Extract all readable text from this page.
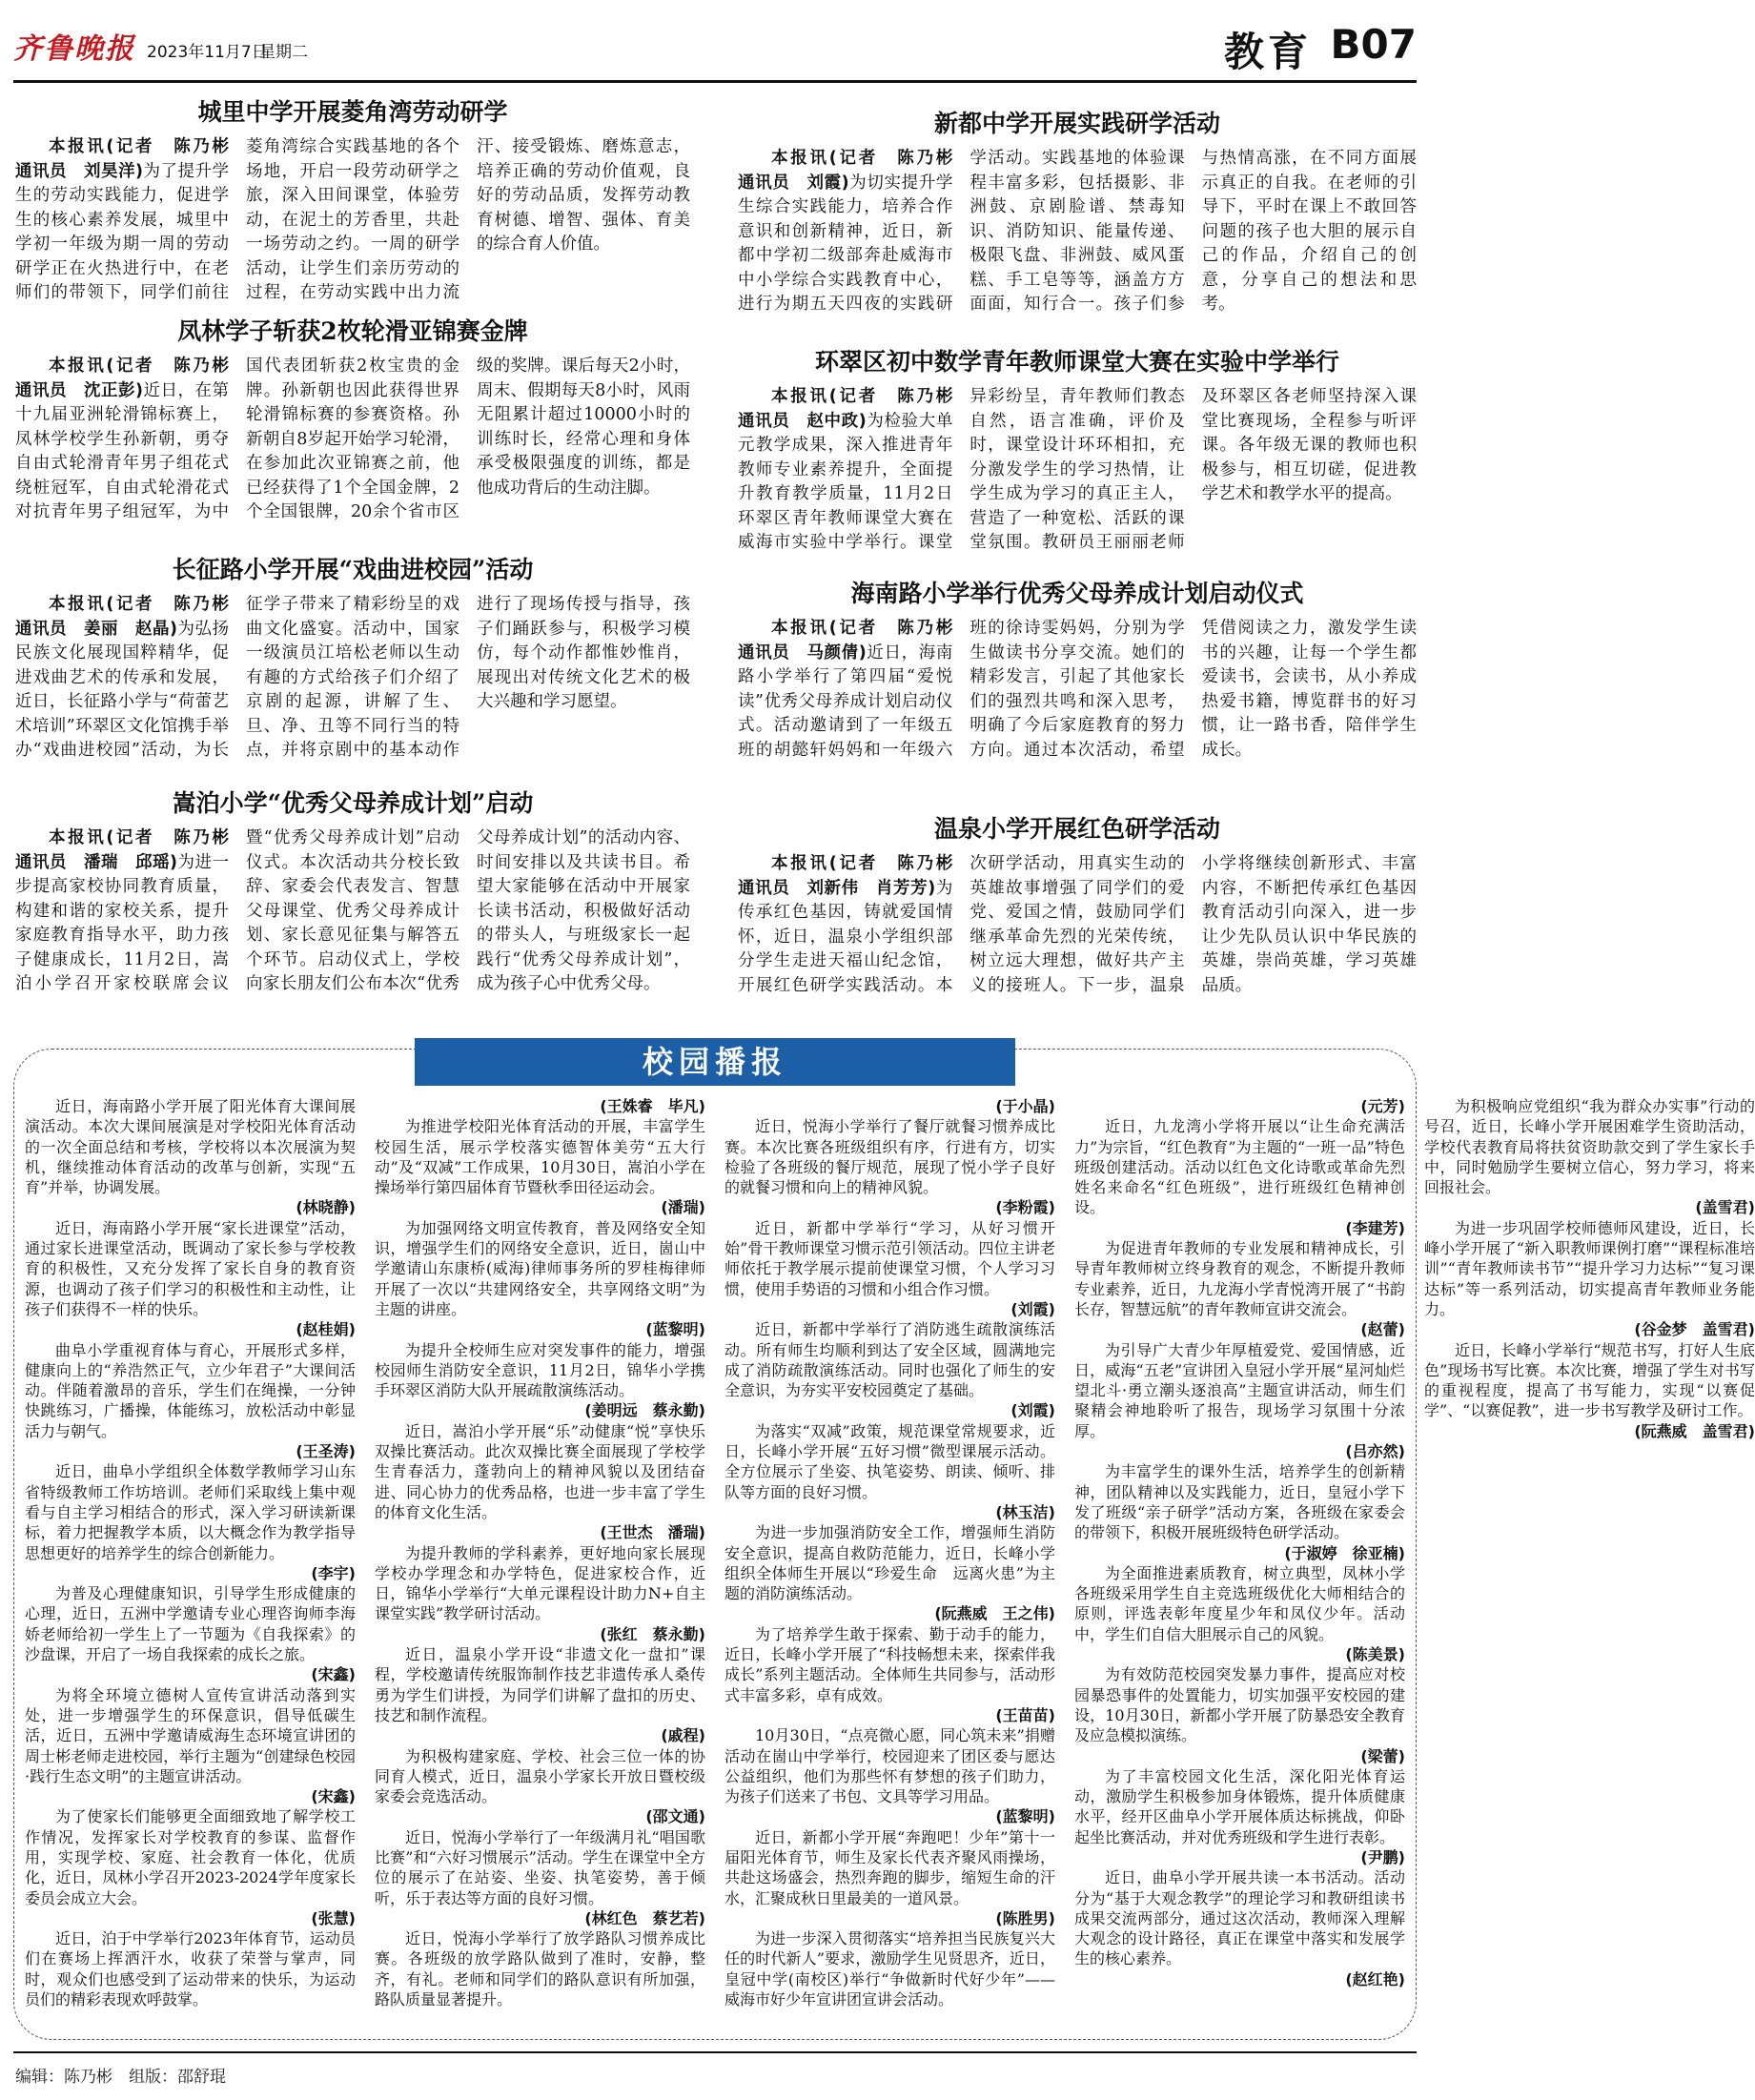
齐鲁晚报 2023年11月7日
星期二	教育 B07
城里中学开展菱角湾劳动研学
本报讯(记者　陈乃彬　通讯员　刘昊洋)为了提升学生的劳动实践能力，促进学生的核心素养发展，城里中学初一年级为期一周的劳动研学正在火热进行中，在老师们的带领下，同学们前往菱角湾综合实践基地的各个场地，开启一段劳动研学之旅，深入田间课堂，体验劳动，在泥土的芳香里，共赴一场劳动之约。一周的研学活动，让学生们亲历劳动的过程，在劳动实践中出力流汗、接受锻炼、磨炼意志，培养正确的劳动价值观，良好的劳动品质，发挥劳动教育树德、增智、强体、育美的综合育人价值。
凤林学子斩获2枚轮滑亚锦赛金牌
本报讯(记者　陈乃彬　通讯员　沈正彭)近日，在第十九届亚洲轮滑锦标赛上，凤林学校学生孙新朝，勇夺自由式轮滑青年男子组花式绕桩冠军，自由式轮滑花式对抗青年男子组冠军，为中国代表团斩获2枚宝贵的金牌。孙新朝也因此获得世界轮滑锦标赛的参赛资格。孙新朝自8岁起开始学习轮滑，在参加此次亚锦赛之前，他已经获得了1个全国金牌，2个全国银牌，20余个省市区级的奖牌。课后每天2小时，周末、假期每天8小时，风雨无阻累计超过10000小时的训练时长，经常心理和身体承受极限强度的训练，都是他成功背后的生动注脚。
长征路小学开展“戏曲进校园”活动
本报讯(记者　陈乃彬　通讯员　姜丽　赵晶)为弘扬民族文化展现国粹精华，促进戏曲艺术的传承和发展，近日，长征路小学与“荷蕾艺术培训”环翠区文化馆携手举办“戏曲进校园”活动，为长征学子带来了精彩纷呈的戏曲文化盛宴。活动中，国家一级演员江培松老师以生动有趣的方式给孩子们介绍了京剧的起源，讲解了生、旦、净、丑等不同行当的特点，并将京剧中的基本动作进行了现场传授与指导，孩子们踊跃参与，积极学习模仿，每个动作都惟妙惟肖，展现出对传统文化艺术的极大兴趣和学习愿望。
嵩泊小学“优秀父母养成计划”启动
本报讯(记者　陈乃彬　通讯员　潘瑞　邱瑶)为进一步提高家校协同教育质量，构建和谐的家校关系，提升家庭教育指导水平，助力孩子健康成长，11月2日，嵩泊小学召开家校联席会议暨“优秀父母养成计划”启动仪式。本次活动共分校长致辞、家委会代表发言、智慧父母课堂、优秀父母养成计划、家长意见征集与解答五个环节。启动仪式上，学校向家长朋友们公布本次“优秀父母养成计划”的活动内容、时间安排以及共读书目。希望大家能够在活动中开展家长读书活动，积极做好活动的带头人，与班级家长一起践行“优秀父母养成计划”，成为孩子心中优秀父母。
新都中学开展实践研学活动
本报讯(记者　陈乃彬　通讯员　刘霞)为切实提升学生综合实践能力，培养合作意识和创新精神，近日，新都中学初二级部奔赴威海市中小学综合实践教育中心，进行为期五天四夜的实践研学活动。实践基地的体验课程丰富多彩，包括摄影、非洲鼓、京剧脸谱、禁毒知识、消防知识、能量传递、极限飞盘、非洲鼓、威风蛋糕、手工皂等等，涵盖方方面面，知行合一。孩子们参与热情高涨，在不同方面展示真正的自我。在老师的引导下，平时在课上不敢回答问题的孩子也大胆的展示自己的作品，介绍自己的创意，分享自己的想法和思考。
环翠区初中数学青年教师课堂大赛在实验中学举行
本报讯(记者　陈乃彬　通讯员　赵中政)为检验大单元教学成果，深入推进青年教师专业素养提升，全面提升教育教学质量，11月2日环翠区青年教师课堂大赛在威海市实验中学举行。课堂异彩纷呈，青年教师们教态自然，语言准确，评价及时，课堂设计环环相扣，充分激发学生的学习热情，让学生成为学习的真正主人，营造了一种宽松、活跃的课堂氛围。教研员王丽丽老师及环翠区各老师坚持深入课堂比赛现场，全程参与听评课。各年级无课的教师也积极参与，相互切磋，促进教学艺术和教学水平的提高。
海南路小学举行优秀父母养成计划启动仪式
本报讯(记者　陈乃彬　通讯员　马颜倩)近日，海南路小学举行了第四届“爱悦读”优秀父母养成计划启动仪式。活动邀请到了一年级五班的胡懿轩妈妈和一年级六班的徐诗雯妈妈，分别为学生做读书分享交流。她们的精彩发言，引起了其他家长们的强烈共鸣和深入思考，明确了今后家庭教育的努力方向。通过本次活动，希望凭借阅读之力，激发学生读书的兴趣，让每一个学生都爱读书，会读书，从小养成热爱书籍，博览群书的好习惯，让一路书香，陪伴学生成长。
温泉小学开展红色研学活动
本报讯(记者　陈乃彬　通讯员　刘新伟　肖芳芳)为传承红色基因，铸就爱国情怀，近日，温泉小学组织部分学生走进天福山纪念馆，开展红色研学实践活动。本次研学活动，用真实生动的英雄故事增强了同学们的爱党、爱国之情，鼓励同学们继承革命先烈的光荣传统，树立远大理想，做好共产主义的接班人。下一步，温泉小学将继续创新形式、丰富内容，不断把传承红色基因教育活动引向深入，进一步让少先队员认识中华民族的英雄，崇尚英雄，学习英雄品质。
校园播报

近日，海南路小学开展了阳光体育大课间展演活动。本次大课间展演是对学校阳光体育活动的一次全面总结和考核，学校将以本次展演为契机，继续推动体育活动的改革与创新，实现“五育”并举，协调发展。

(林晓静)

近日，海南路小学开展“家长进课堂”活动，通过家长进课堂活动，既调动了家长参与学校教育的积极性，又充分发挥了家长自身的教育资源，也调动了孩子们学习的积极性和主动性，让孩子们获得不一样的快乐。

(赵桂娟)

曲阜小学重视育体与育心，开展形式多样，健康向上的“养浩然正气，立少年君子”大课间活动。伴随着激昂的音乐，学生们在绳操，一分钟快跳练习，广播操，体能练习，放松活动中彰显活力与朝气。

(王圣涛)

近日，曲阜小学组织全体数学教师学习山东省特级教师工作坊培训。老师们采取线上集中观看与自主学习相结合的形式，深入学习研读新课标，着力把握教学本质，以大概念作为教学指导思想更好的培养学生的综合创新能力。

(李宇)

为普及心理健康知识，引导学生形成健康的心理，近日，五洲中学邀请专业心理咨询师李海娇老师给初一学生上了一节题为《自我探索》的沙盘课，开启了一场自我探索的成长之旅。

(宋鑫)

为将全环境立德树人宣传宣讲活动落到实处，进一步增强学生的环保意识，倡导低碳生活，近日，五洲中学邀请威海生态环境宣讲团的周士彬老师走进校园，举行主题为“创建绿色校园·践行生态文明”的主题宣讲活动。

(宋鑫)

为了使家长们能够更全面细致地了解学校工作情况，发挥家长对学校教育的参谋、监督作用，实现学校、家庭、社会教育一体化，优质化，近日，凤林小学召开2023-2024学年度家长委员会成立大会。

(张慧)

近日，泊于中学举行2023年体育节，运动员们在赛场上挥洒汗水，收获了荣誉与掌声，同时，观众们也感受到了运动带来的快乐，为运动员们的精彩表现欢呼鼓掌。

(王姝睿　毕凡)

为推进学校阳光体育活动的开展，丰富学生校园生活，展示学校落实德智体美劳“五大行动”及“双减”工作成果，10月30日，嵩泊小学在操场举行第四届体育节暨秋季田径运动会。

(潘瑞)

为加强网络文明宣传教育，普及网络安全知识，增强学生们的网络安全意识，近日，崮山中学邀请山东康桥(威海)律师事务所的罗桂梅律师开展了一次以“共建网络安全，共享网络文明”为主题的讲座。

(蓝黎明)

为提升全校师生应对突发事件的能力，增强校园师生消防安全意识，11月2日，锦华小学携手环翠区消防大队开展疏散演练活动。

(姜明远　蔡永勤)

近日，嵩泊小学开展“乐”动健康“悦”享快乐双操比赛活动。此次双操比赛全面展现了学校学生青春活力，蓬勃向上的精神风貌以及团结奋进、同心协力的优秀品格，也进一步丰富了学生的体育文化生活。

(王世杰　潘瑞)

为提升教师的学科素养，更好地向家长展现学校办学理念和办学特色，促进家校合作，近日，锦华小学举行“大单元课程设计助力N+自主课堂实践”教学研讨活动。

(张红　蔡永勤)

近日，温泉小学开设“非遗文化一盘扣”课程，学校邀请传统服饰制作技艺非遗传承人桑传勇为学生们讲授，为同学们讲解了盘扣的历史、技艺和制作流程。

(戚程)

为积极构建家庭、学校、社会三位一体的协同育人模式，近日，温泉小学家长开放日暨校级家委会竞选活动。

(邵文通)

近日，悦海小学举行了一年级满月礼“唱国歌比赛”和“六好习惯展示”活动。学生在课堂中全方位的展示了在站姿、坐姿、执笔姿势，善于倾听，乐于表达等方面的良好习惯。

(林红色　蔡艺若)

近日，悦海小学举行了放学路队习惯养成比赛。各班级的放学路队做到了准时，安静，整齐，有礼。老师和同学们的路队意识有所加强，路队质量显著提升。

(于小晶)

近日，悦海小学举行了餐厅就餐习惯养成比赛。本次比赛各班级组织有序，行进有方，切实检验了各班级的餐厅规范，展现了悦小学子良好的就餐习惯和向上的精神风貌。

(李粉霞)

近日，新都中学举行“学习，从好习惯开始”骨干教师课堂习惯示范引领活动。四位主讲老师依托于教学展示提前使课堂习惯，个人学习习惯，使用手势语的习惯和小组合作习惯。

(刘霞)

近日，新都中学举行了消防逃生疏散演练活动。所有师生均顺利到达了安全区域，圆满地完成了消防疏散演练活动。同时也强化了师生的安全意识，为夯实平安校园奠定了基础。

(刘霞)

为落实“双减”政策，规范课堂常规要求，近日，长峰小学开展“五好习惯”微型课展示活动。全方位展示了坐姿、执笔姿势、朗读、倾听、排队等方面的良好习惯。

(林玉洁)

为进一步加强消防安全工作，增强师生消防安全意识，提高自救防范能力，近日，长峰小学组织全体师生开展以“珍爱生命　远离火患”为主题的消防演练活动。

(阮燕威　王之伟)

为了培养学生敢于探索、勤于动手的能力，近日，长峰小学开展了“科技畅想未来，探索伴我成长”系列主题活动。全体师生共同参与，活动形式丰富多彩，卓有成效。

(王苗苗)

10月30日，“点亮微心愿，同心筑未来”捐赠活动在崮山中学举行，校园迎来了团区委与愿达公益组织，他们为那些怀有梦想的孩子们助力，为孩子们送来了书包、文具等学习用品。

(蓝黎明)

近日，新都小学开展“奔跑吧！少年”第十一届阳光体育节，师生及家长代表齐聚风雨操场，共赴这场盛会，热烈奔跑的脚步，缩短生命的汗水，汇聚成秋日里最美的一道风景。

(陈胜男)

为进一步深入贯彻落实“培养担当民族复兴大任的时代新人”要求，激励学生见贤思齐，近日，皇冠中学(南校区)举行“争做新时代好少年”——威海市好少年宣讲团宣讲会活动。

(元芳)

近日，九龙湾小学将开展以“让生命充满活力”为宗旨，“红色教育”为主题的“一班一品”特色班级创建活动。活动以红色文化诗歌或革命先烈姓名来命名“红色班级”，进行班级红色精神创设。

(李建芳)

为促进青年教师的专业发展和精神成长，引导青年教师树立终身教育的观念，不断提升教师专业素养，近日，九龙海小学青悦湾开展了“书韵长存，智慧远航”的青年教师宣讲交流会。

(赵蕾)

为引导广大青少年厚植爱党、爱国情感，近日，威海“五老”宣讲团入皇冠小学开展“星河灿烂望北斗·勇立潮头逐浪高”主题宣讲活动，师生们聚精会神地聆听了报告，现场学习氛围十分浓厚。

(吕亦然)

为丰富学生的课外生活，培养学生的创新精神，团队精神以及实践能力，近日，皇冠小学下发了班级“亲子研学”活动方案，各班级在家委会的带领下，积极开展班级特色研学活动。

(于淑婷　徐亚楠)

为全面推进素质教育，树立典型，凤林小学各班级采用学生自主竞选班级优化大师相结合的原则，评选表彰年度星少年和凤仪少年。活动中，学生们自信大胆展示自己的风貌。

(陈美景)

为有效防范校园突发暴力事件，提高应对校园暴恐事件的处置能力，切实加强平安校园的建设，10月30日，新都小学开展了防暴恐安全教育及应急模拟演练。

(梁蕾)

为了丰富校园文化生活，深化阳光体育运动，激励学生积极参加身体锻炼，提升体质健康水平，经开区曲阜小学开展体质达标挑战，仰卧起坐比赛活动，并对优秀班级和学生进行表彰。

(尹鹏)

近日，曲阜小学开展共读一本书活动。活动分为“基于大观念教学”的理论学习和教研组读书成果交流两部分，通过这次活动，教师深入理解大观念的设计路径，真正在课堂中落实和发展学生的核心素养。

(赵红艳)

为积极响应党组织“我为群众办实事”行动的号召，近日，长峰小学开展困难学生资助活动，学校代表教育局将扶贫资助款交到了学生家长手中，同时勉励学生要树立信心，努力学习，将来回报社会。

(盖雪君)

为进一步巩固学校师德师风建设，近日，长峰小学开展了“新入职教师课例打磨”“课程标准培训”“青年教师读书节”“提升学习力达标”“复习课达标”等一系列活动，切实提高青年教师业务能力。

(谷金梦　盖雪君)

近日，长峰小学举行“规范书写，打好人生底色”现场书写比赛。本次比赛，增强了学生对书写的重视程度，提高了书写能力，实现“以赛促学”、“以赛促教”，进一步书写教学及研讨工作。

(阮燕威　盖雪君)

编辑：陈乃彬　组版：邵舒琨
